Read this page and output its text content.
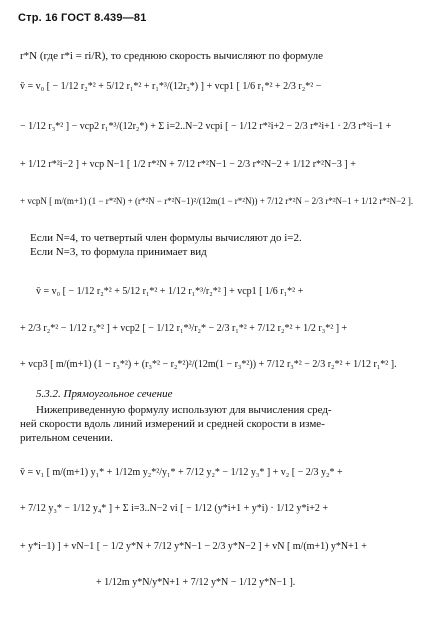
Стр. 16 ГОСТ 8.439—81
r*N (где r*i = ri/R), то среднюю скорость вычисляют по формуле
v̄ = v₀ [ − 1/12 r₂*² + 5/12 r₁*² + r₁*³/(12r₂*) ] + vср1 [ 1/6 r₁*² + 2/3 r₂*² −
− 1/12 r₃*² ] − vср2 r₁*³/(12r₂*) + Σ i=2..N−2 vсрi [ − 1/12 r*²i+2 − 2/3 r*²i+1 · 2/3 r*²i−1 +
+ 1/12 r*²i−2 ] + vср N−1 [ 1/2 r*²N + 7/12 r*²N−1 − 2/3 r*²N−2 + 1/12 r*²N−3 ] +
+ vсрN [ m/(m+1) (1 − r*²N) + (r*²N − r*²N−1)²/(12m(1 − r*²N)) + 7/12 r*²N − 2/3 r*²N−1 + 1/12 r*²N−2 ].
Если N=4, то четвертый член формулы вычисляют до i=2.
Если N=3, то формула принимает вид
v̄ = v₀ [ − 1/12 r₂*² + 5/12 r₁*² + 1/12 r₁*³/r₂*² ] + vср1 [ 1/6 r₁*² +
+ 2/3 r₂*² − 1/12 r₃*² ] + vср2 [ − 1/12 r₁*³/r₂* − 2/3 r₁*² + 7/12 r₂*² + 1/2 r₃*² ] +
+ vср3 [ m/(m+1) (1 − r₃*²) + (r₃*² − r₂*²)²/(12m(1 − r₃*²)) + 7/12 r₃*² − 2/3 r₂*² + 1/12 r₁*² ].
5.3.2. Прямоугольное сечение
Нижеприведенную формулу используют для вычисления сред-
ней скорости вдоль линий измерений и средней скорости в изме-
рительном сечении.
v̄ = v₁ [ m/(m+1) y₁* + 1/12m y₂*²/y₁* + 7/12 y₂* − 1/12 y₃* ] + v₂ [ − 2/3 y₂* +
+ 7/12 y₃* − 1/12 y₄* ] + Σ i=3..N−2 vi [ − 1/12 (y*i+1 + y*i) · 1/12 y*i+2 +
+ y*i−1) ] + vN−1 [ − 1/2 y*N + 7/12 y*N−1 − 2/3 y*N−2 ] + vN [ m/(m+1) y*N+1 +
+ 1/12m y*N/y*N+1 + 7/12 y*N − 1/12 y*N−1 ].
